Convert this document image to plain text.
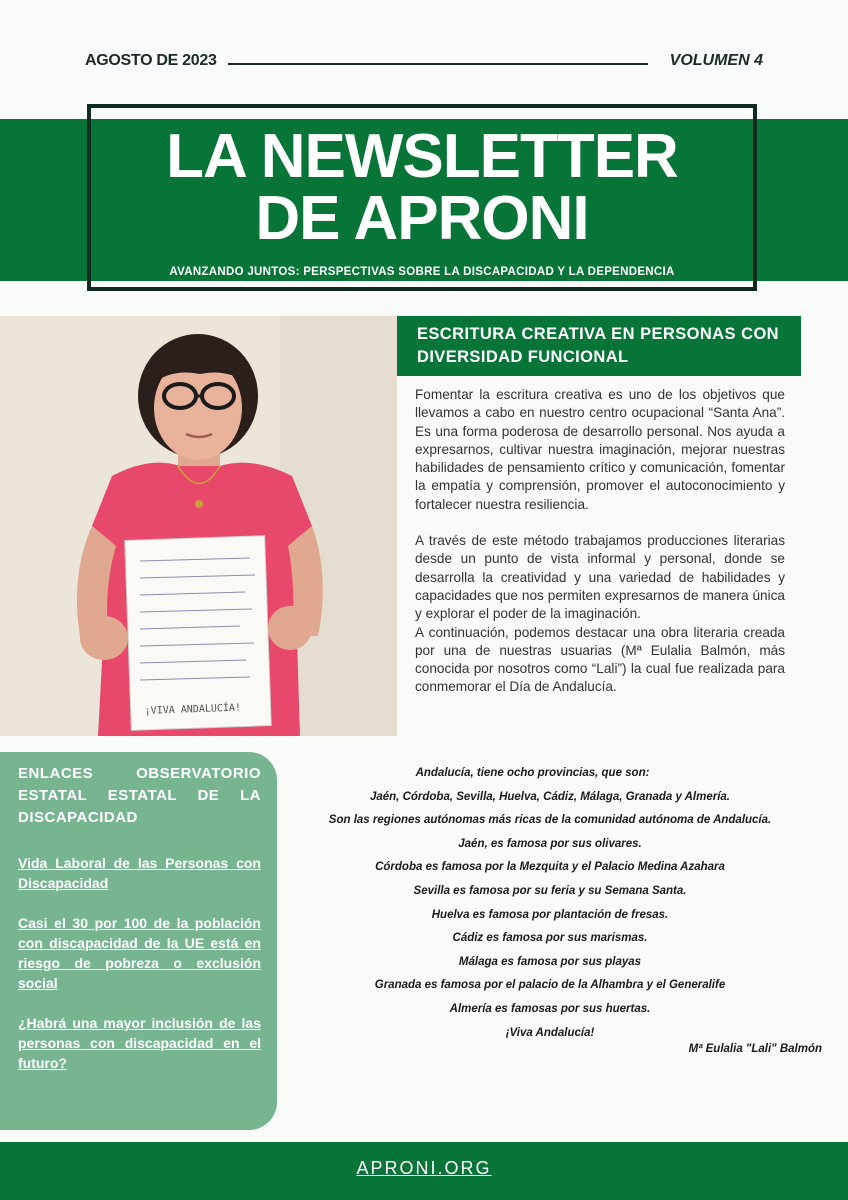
AGOSTO DE 2023	VOLUMEN 4
LA NEWSLETTER
DE APRONI
AVANZANDO JUNTOS: PERSPECTIVAS SOBRE LA DISCAPACIDAD Y LA DEPENDENCIA
¡VIVA ANDALUCÍA!
ESCRITURA CREATIVA EN PERSONAS CON DIVERSIDAD FUNCIONAL

Fomentar la escritura creativa es uno de los objetivos que llevamos a cabo en nuestro centro ocupacional “Santa Ana”. Es una forma poderosa de desarrollo personal. Nos ayuda a expresarnos, cultivar nuestra imaginación, mejorar nuestras habilidades de pensamiento crítico y comunicación, fomentar la empatía y comprensión, promover el autoconocimiento y fortalecer nuestra resiliencia.

A través de este método trabajamos producciones literarias desde un punto de vista informal y personal, donde se desarrolla la creatividad y una variedad de habilidades y capacidades que nos permiten expresarnos de manera única y explorar el poder de la imaginación.

A continuación, podemos destacar una obra literaria creada por una de nuestras usuarias (Mª Eulalia Balmón, más conocida por nosotros como “Lali”) la cual fue realizada para conmemorar el Día de Andalucía.

ENLACES OBSERVATORIO ESTATAL ESTATAL DE LA DISCAPACIDAD
Vida Laboral de las Personas con Discapacidad
Casi el 30 por 100 de la población con discapacidad de la UE está en riesgo de pobreza o exclusión social
¿Habrá una mayor inclusión de las personas con discapacidad en el futuro?
Andalucía, tiene ocho provincias, que son:
Jaén, Córdoba, Sevilla, Huelva, Cádiz, Málaga, Granada y Almería.
Son las regiones autónomas más ricas de la comunidad autónoma de Andalucía.
Jaén, es famosa por sus olivares.
Córdoba es famosa por la Mezquita y el Palacio Medina Azahara
Sevilla es famosa por su feria y su Semana Santa.
Huelva es famosa por plantación de fresas.
Cádiz es famosa por sus marismas.
Málaga es famosa por sus playas
Granada es famosa por el palacio de la Alhambra y el Generalife
Almería es famosas por sus huertas.
¡Viva Andalucía!
Mª Eulalia "Lali" Balmón
APRONI.ORG
